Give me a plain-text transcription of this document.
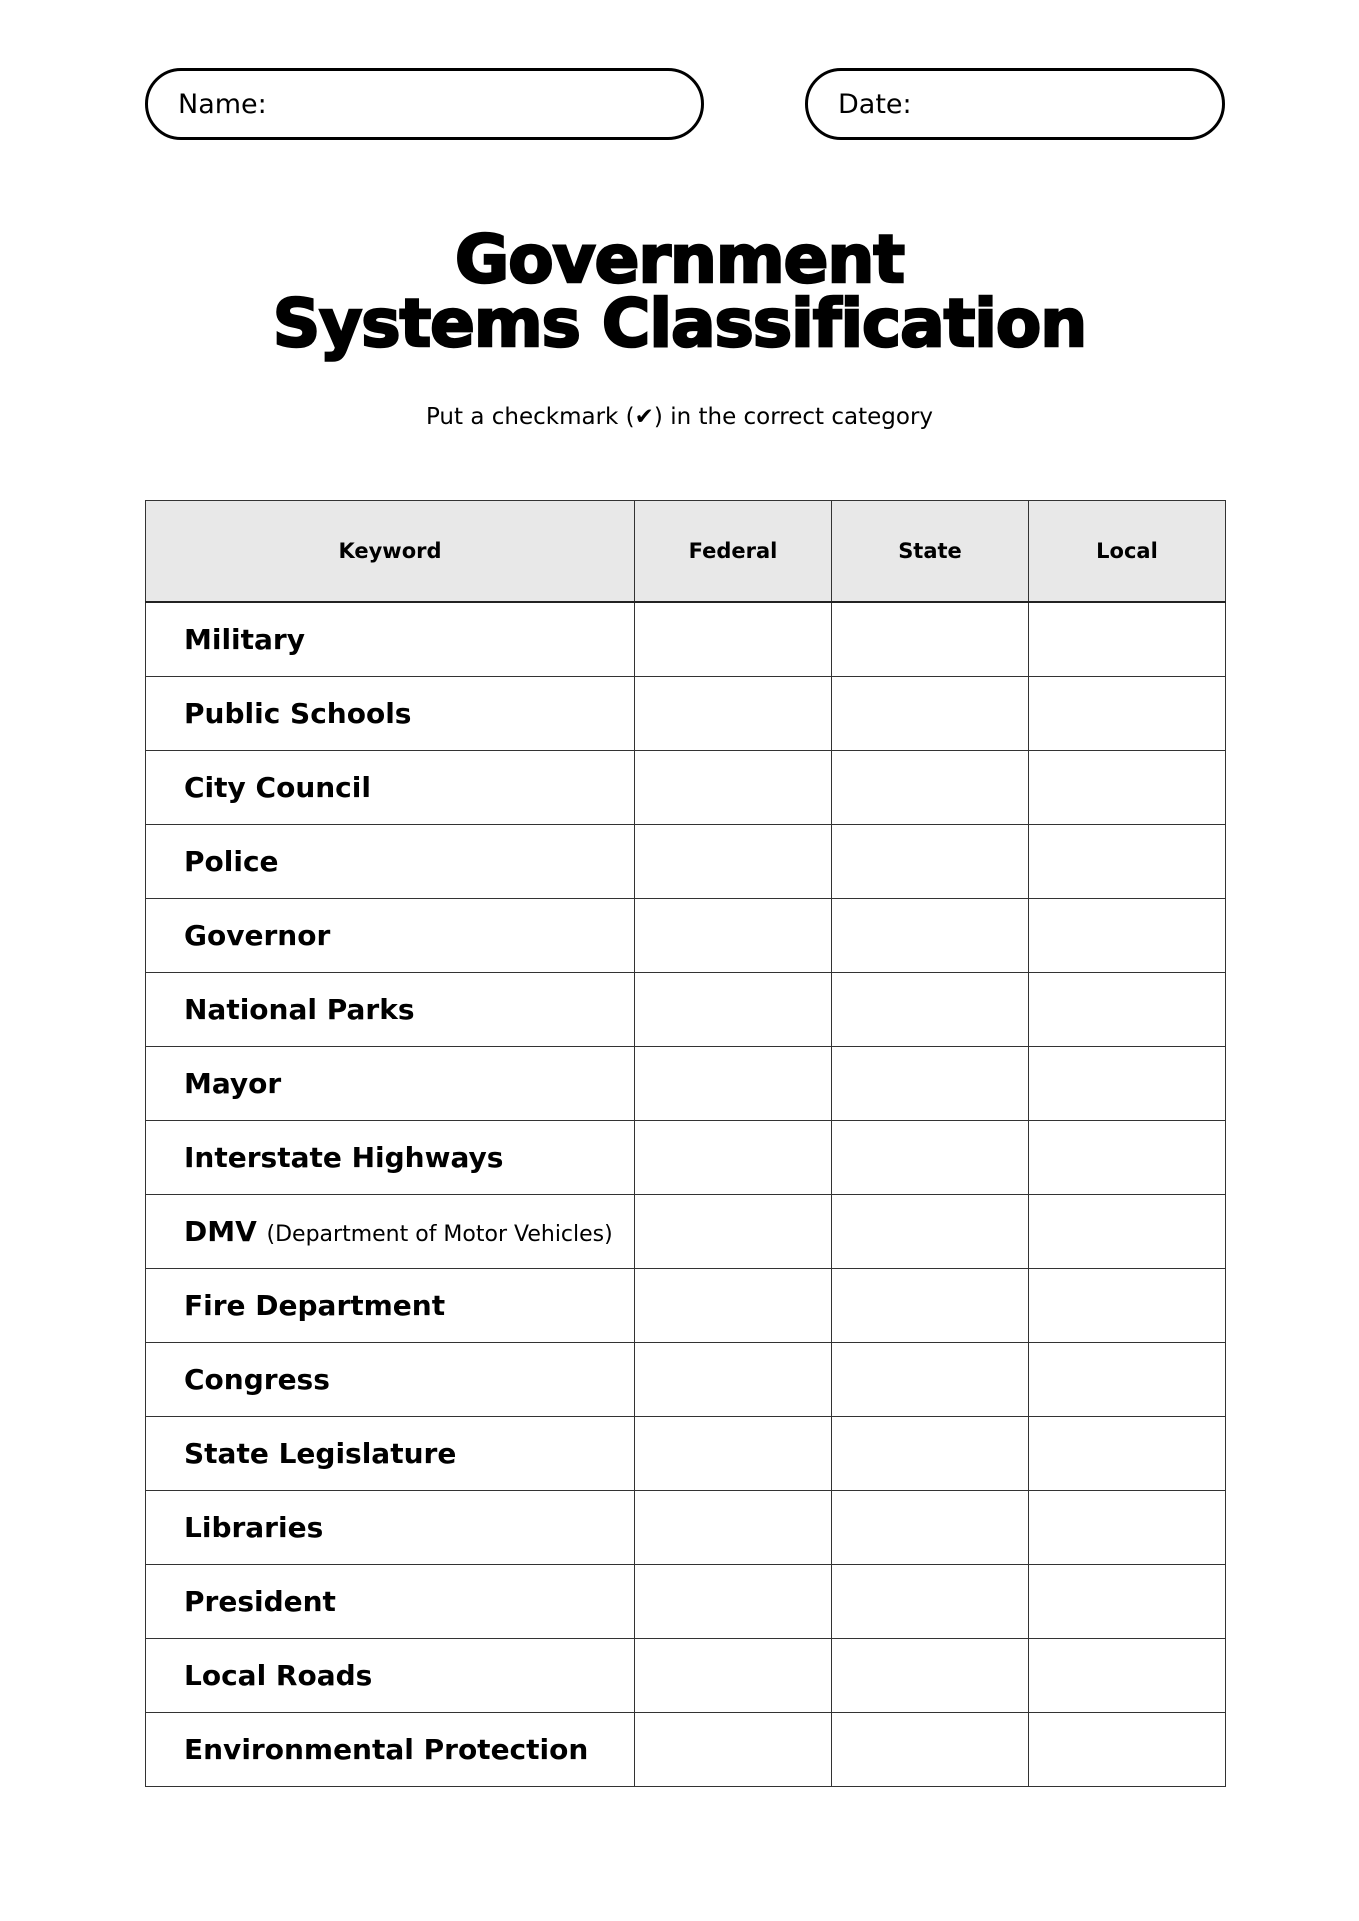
Name:	Date:
Government
Systems Classification
Put a checkmark (✔) in the correct category
Keyword	Federal	State	Local
Military			
Public Schools			
City Council			
Police			
Governor			
National Parks			
Mayor			
Interstate Highways			
DMV (Department of Motor Vehicles)			
Fire Department			
Congress			
State Legislature			
Libraries			
President			
Local Roads			
Environmental Protection			
